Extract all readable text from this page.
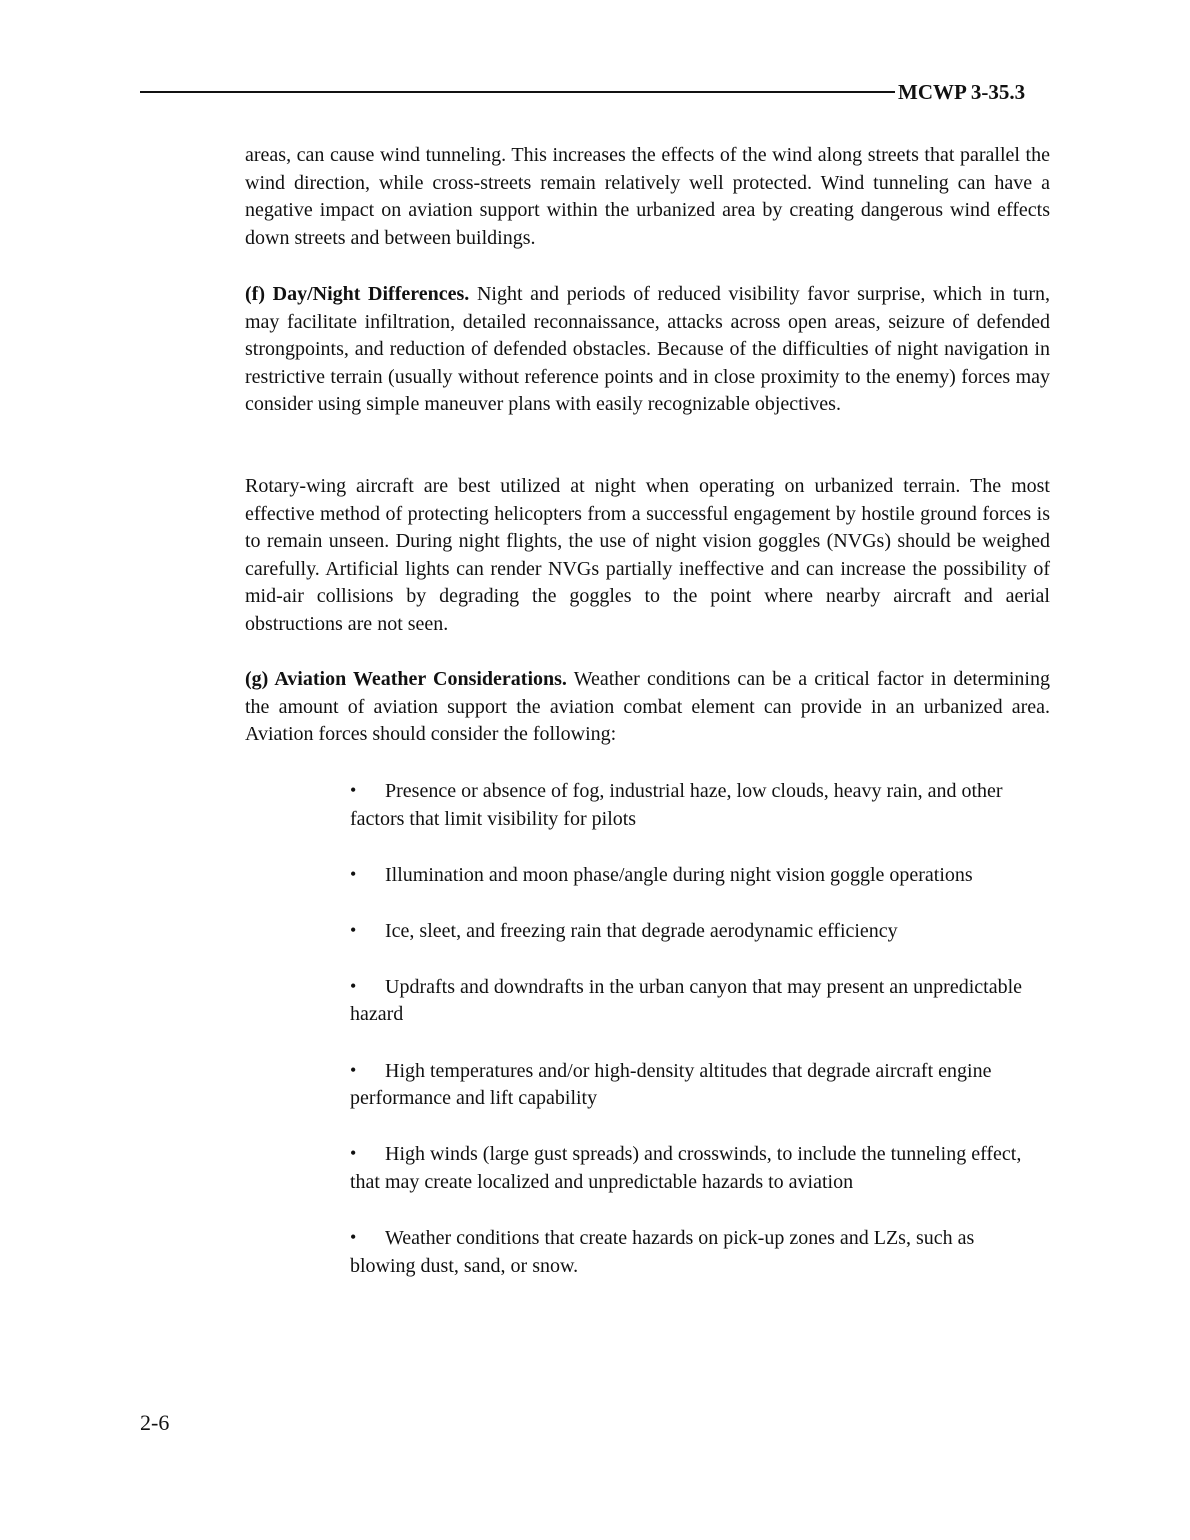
MCWP 3-35.3

areas, can cause wind tunneling. This increases the effects of the wind along streets that parallel the wind direction, while cross-streets remain relatively well protected. Wind tunneling can have a negative impact on aviation support within the urbanized area by creating dangerous wind effects down streets and between buildings.

(f) Day/Night Differences. Night and periods of reduced visibility favor surprise, which in turn, may facilitate infiltration, detailed reconnaissance, attacks across open areas, seizure of defended strongpoints, and reduction of defended obstacles. Because of the difficulties of night navigation in restrictive terrain (usually without reference points and in close proximity to the enemy) forces may consider using simple maneuver plans with easily recognizable objectives.

Rotary-wing aircraft are best utilized at night when operating on urbanized terrain. The most effective method of protecting helicopters from a successful engagement by hostile ground forces is to remain unseen. During night flights, the use of night vision goggles (NVGs) should be weighed carefully. Artificial lights can render NVGs partially ineffective and can increase the possibility of mid-air collisions by degrading the goggles to the point where nearby aircraft and aerial obstructions are not seen.

(g) Aviation Weather Considerations. Weather conditions can be a critical factor in determining the amount of aviation support the aviation combat element can provide in an urbanized area. Aviation forces should consider the following:

• Presence or absence of fog, industrial haze, low clouds, heavy rain, and other factors that limit visibility for pilots
• Illumination and moon phase/angle during night vision goggle operations
• Ice, sleet, and freezing rain that degrade aerodynamic efficiency
• Updrafts and downdrafts in the urban canyon that may present an unpredictable hazard
• High temperatures and/or high-density altitudes that degrade aircraft engine performance and lift capability
• High winds (large gust spreads) and crosswinds, to include the tunneling effect, that may create localized and unpredictable hazards to aviation
• Weather conditions that create hazards on pick-up zones and LZs, such as blowing dust, sand, or snow.
2-6
